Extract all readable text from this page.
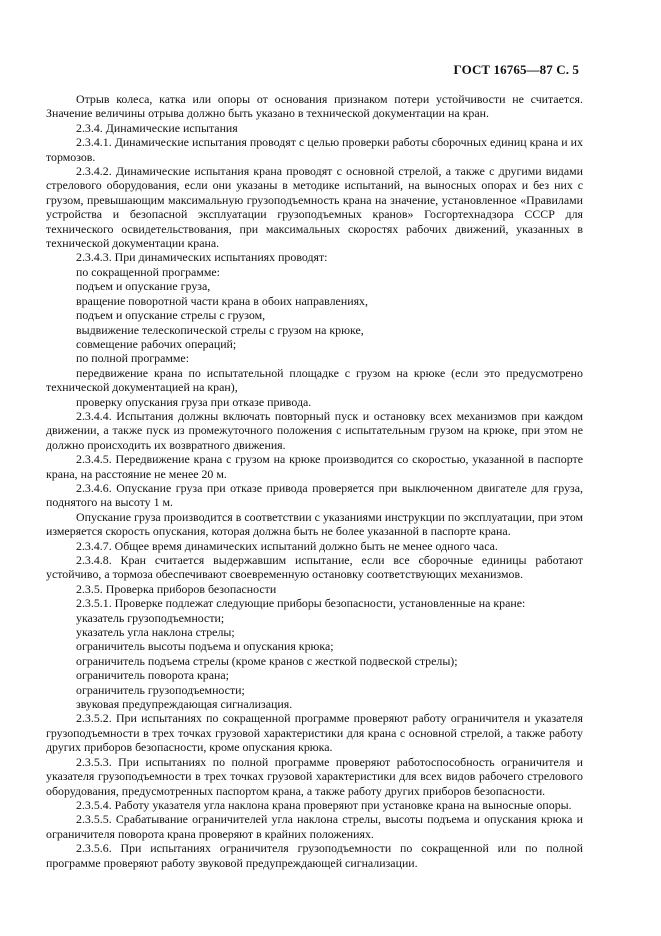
ГОСТ 16765—87 С. 5

Отрыв колеса, катка или опоры от основания признаком потери устойчивости не считается. Значение величины отрыва должно быть указано в технической документации на кран.

2.3.4. Динамические испытания

2.3.4.1. Динамические испытания проводят с целью проверки работы сборочных единиц крана и их тормозов.

2.3.4.2. Динамические испытания крана проводят с основной стрелой, а также с другими видами стрелового оборудования, если они указаны в методике испытаний, на выносных опорах и без них с грузом, превышающим максимальную грузоподъемность крана на значение, установленное «Правилами устройства и безопасной эксплуатации грузоподъемных кранов» Госгортехнадзора СССР для технического освидетельствования, при максимальных скоростях рабочих движений, указанных в технической документации крана.

2.3.4.3. При динамических испытаниях проводят:

по сокращенной программе:

подъем и опускание груза,

вращение поворотной части крана в обоих направлениях,

подъем и опускание стрелы с грузом,

выдвижение телескопической стрелы с грузом на крюке,

совмещение рабочих операций;

по полной программе:

передвижение крана по испытательной площадке с грузом на крюке (если это предусмотрено технической документацией на кран),

проверку опускания груза при отказе привода.

2.3.4.4. Испытания должны включать повторный пуск и остановку всех механизмов при каждом движении, а также пуск из промежуточного положения с испытательным грузом на крюке, при этом не должно происходить их возвратного движения.

2.3.4.5. Передвижение крана с грузом на крюке производится со скоростью, указанной в паспорте крана, на расстояние не менее 20 м.

2.3.4.6. Опускание груза при отказе привода проверяется при выключенном двигателе для груза, поднятого на высоту 1 м.

Опускание груза производится в соответствии с указаниями инструкции по эксплуатации, при этом измеряется скорость опускания, которая должна быть не более указанной в паспорте крана.

2.3.4.7. Общее время динамических испытаний должно быть не менее одного часа.

2.3.4.8. Кран считается выдержавшим испытание, если все сборочные единицы работают устойчиво, а тормоза обеспечивают своевременную остановку соответствующих механизмов.

2.3.5. Проверка приборов безопасности

2.3.5.1. Проверке подлежат следующие приборы безопасности, установленные на кране:

указатель грузоподъемности;

указатель угла наклона стрелы;

ограничитель высоты подъема и опускания крюка;

ограничитель подъема стрелы (кроме кранов с жесткой подвеской стрелы);

ограничитель поворота крана;

ограничитель грузоподъемности;

звуковая предупреждающая сигнализация.

2.3.5.2. При испытаниях по сокращенной программе проверяют работу ограничителя и указателя грузоподъемности в трех точках грузовой характеристики для крана с основной стрелой, а также работу других приборов безопасности, кроме опускания крюка.

2.3.5.3. При испытаниях по полной программе проверяют работоспособность ограничителя и указателя грузоподъемности в трех точках грузовой характеристики для всех видов рабочего стрелового оборудования, предусмотренных паспортом крана, а также работу других приборов безопасности.

2.3.5.4. Работу указателя угла наклона крана проверяют при установке крана на выносные опоры.

2.3.5.5. Срабатывание ограничителей угла наклона стрелы, высоты подъема и опускания крюка и ограничителя поворота крана проверяют в крайних положениях.

2.3.5.6. При испытаниях ограничителя грузоподъемности по сокращенной или по полной программе проверяют работу звуковой предупреждающей сигнализации.
